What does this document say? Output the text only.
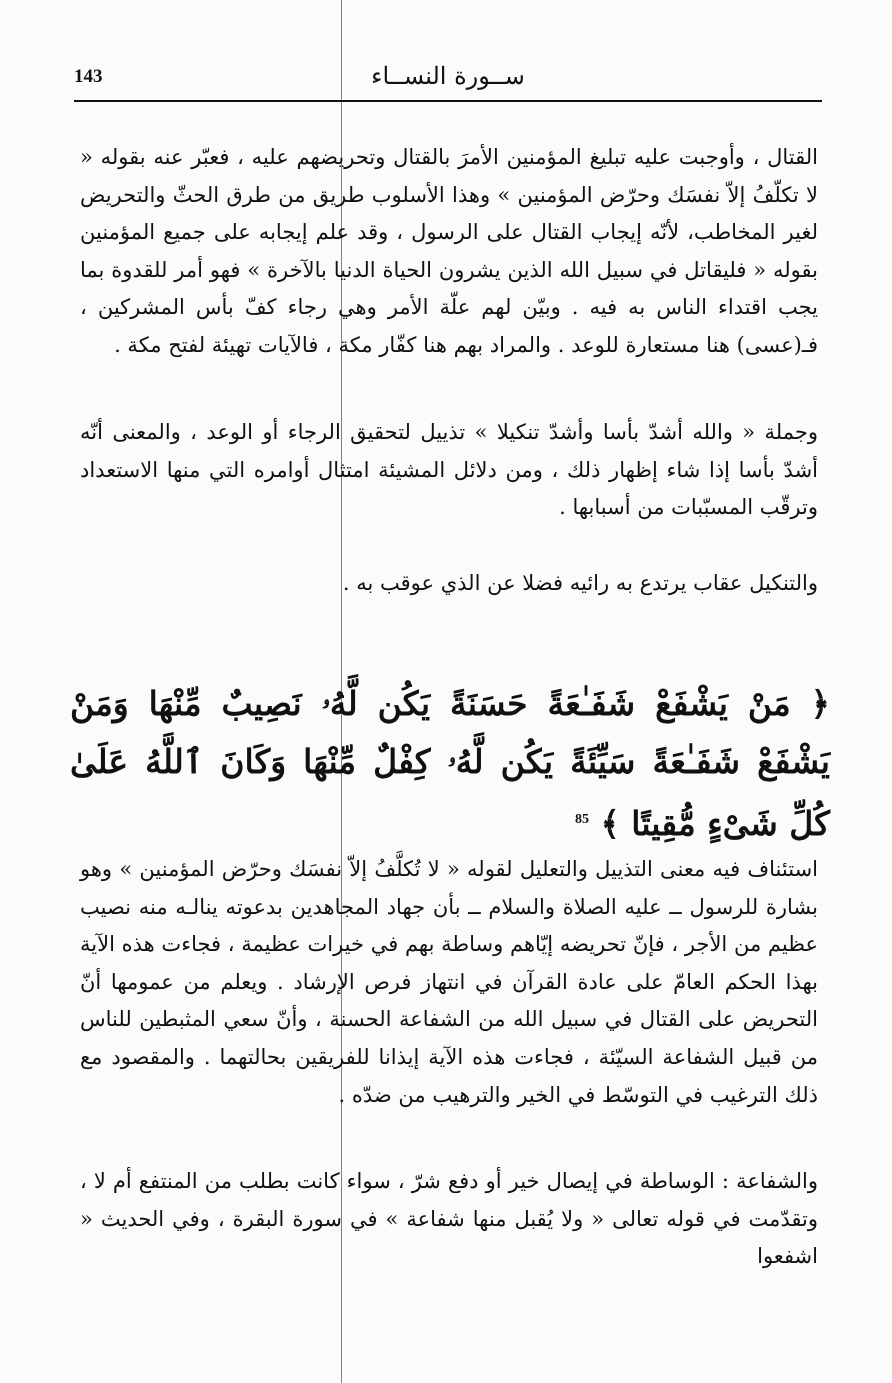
143	ســورة النســاء

القتال ، وأوجبت عليه تبليغ المؤمنين الأمرَ بالقتال وتحريضهم عليه ، فعبّر عنه بقوله « لا تكلّفُ إلاّ نفسَك وحرّض المؤمنين » وهذا الأسلوب طريق من طرق الحثّ والتحريض لغير المخاطب، لأنّه إيجاب القتال على الرسول ، وقد علم إيجابه على جميع المؤمنين بقوله « فليقاتل في سبيل الله الذين يشرون الحياة الدنيا بالآخرة » فهو أمر للقدوة بما يجب اقتداء الناس به فيه . وبيّن لهم علّة الأمر وهي رجاء كفّ بأس المشركين ، فـ(عسى) هنا مستعارة للوعد . والمراد بهم هنا كفّار مكة ، فالآيات تهيئة لفتح مكة .

وجملة « والله أشدّ بأسا وأشدّ تنكيلا » تذييل لتحقيق الرجاء أو الوعد ، والمعنى أنّه أشدّ بأسا إذا شاء إظهار ذلك ، ومن دلائل المشيئة امتثال أوامره التي منها الاستعداد وترقّب المسبّبات من أسبابها .

والتنكيل عقاب يرتدع به رائيه فضلا عن الذي عوقب به .

﴿ مَنْ يَشْفَعْ شَفَـٰعَةً حَسَنَةً يَكُن لَّهُۥ نَصِيبٌ مِّنْهَا وَمَنْ يَشْفَعْ شَفَـٰعَةً سَيِّئَةً يَكُن لَّهُۥ كِفْلٌ مِّنْهَا وَكَانَ ٱللَّهُ عَلَىٰ كُلِّ شَىْءٍ مُّقِيتًا ﴾ $^{85}$

استئناف فيه معنى التذييل والتعليل لقوله « لا تُكلَّفُ إلاّ نفسَك وحرّض المؤمنين » وهو بشارة للرسول ــ عليه الصلاة والسلام ــ بأن جهاد المجاهدين بدعوته ينالـه منه نصيب عظيم من الأجر ، فإنّ تحريضه إيّاهم وساطة بهم في خيرات عظيمة ، فجاءت هذه الآية بهذا الحكم العامّ على عادة القرآن في انتهاز فرص الإرشاد . ويعلم من عمومها أنّ التحريض على القتال في سبيل الله من الشفاعة الحسنة ، وأنّ سعي المثبطين للناس من قبيل الشفاعة السيّئة ، فجاءت هذه الآية إيذانا للفريقين بحالتهما . والمقصود مع ذلك الترغيب في التوسّط في الخير والترهيب من ضدّه .

والشفاعة : الوساطة في إيصال خير أو دفع شرّ ، سواء كانت بطلب من المنتفع أم لا ، وتقدّمت في قوله تعالى « ولا يُقبل منها شفاعة » في سورة البقرة ، وفي الحديث « اشفعوا
